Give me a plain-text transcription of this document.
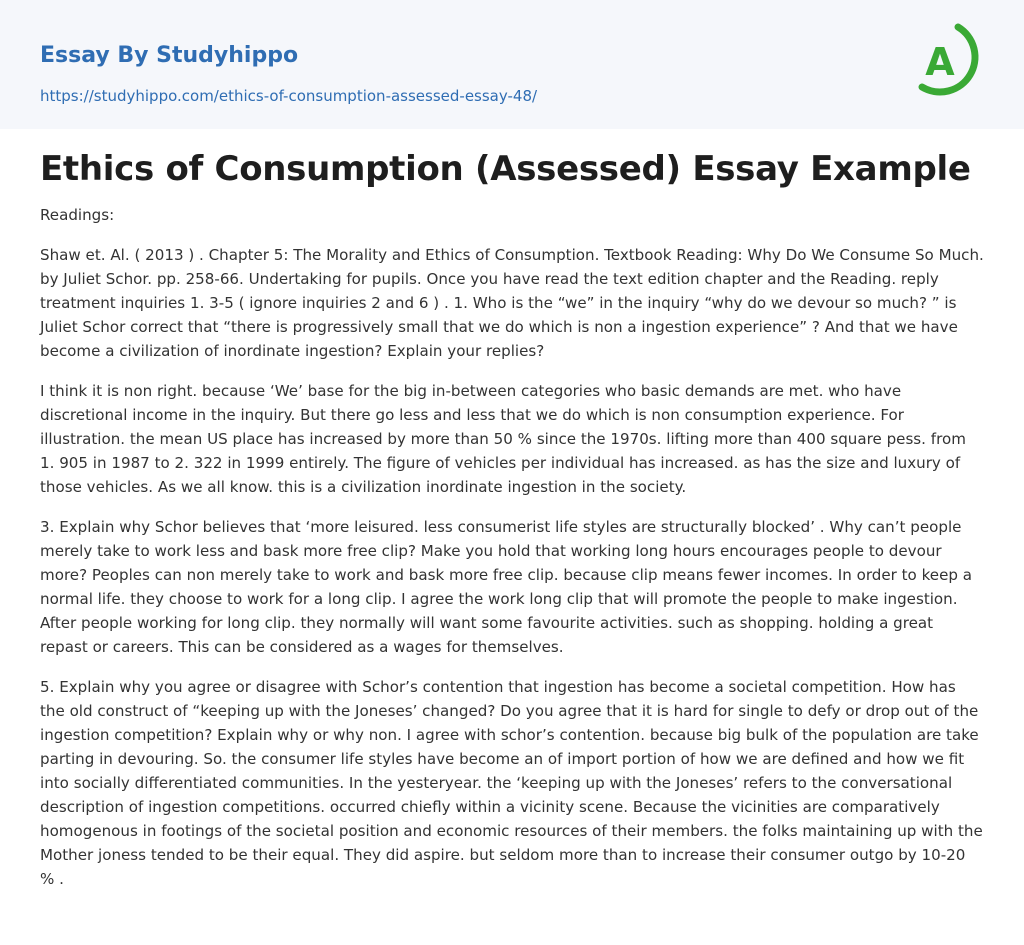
Essay By Studyhippo
https://studyhippo.com/ethics-of-consumption-assessed-essay-48/
A
Ethics of Consumption (Assessed) Essay Example

Readings:

Shaw et. Al. ( 2013 ) . Chapter 5: The Morality and Ethics of Consumption. Textbook Reading: Why Do We Consume So Much. by Juliet Schor. pp. 258-66. Undertaking for pupils. Once you have read the text edition chapter and the Reading. reply treatment inquiries 1. 3-5 ( ignore inquiries 2 and 6 ) . 1. Who is the “we” in the inquiry “why do we devour so much? ” is Juliet Schor correct that “there is progressively small that we do which is non a ingestion experience” ? And that we have become a civilization of inordinate ingestion? Explain your replies?

I think it is non right. because ‘We’ base for the big in-between categories who basic demands are met. who have discretional income in the inquiry. But there go less and less that we do which is non consumption experience. For illustration. the mean US place has increased by more than 50 % since the 1970s. lifting more than 400 square pess. from 1. 905 in 1987 to 2. 322 in 1999 entirely. The figure of vehicles per individual has increased. as has the size and luxury of those vehicles. As we all know. this is a civilization inordinate ingestion in the society.

3. Explain why Schor believes that ‘more leisured. less consumerist life styles are structurally blocked’ . Why can’t people merely take to work less and bask more free clip? Make you hold that working long hours encourages people to devour more? Peoples can non merely take to work and bask more free clip. because clip means fewer incomes. In order to keep a normal life. they choose to work for a long clip. I agree the work long clip that will promote the people to make ingestion. After people working for long clip. they normally will want some favourite activities. such as shopping. holding a great repast or careers. This can be considered as a wages for themselves.

5. Explain why you agree or disagree with Schor’s contention that ingestion has become a societal competition. How has the old construct of “keeping up with the Joneses’ changed? Do you agree that it is hard for single to defy or drop out of the ingestion competition? Explain why or why non. I agree with schor’s contention. because big bulk of the population are take parting in devouring. So. the consumer life styles have become an of import portion of how we are defined and how we fit into socially differentiated communities. In the yesteryear. the ‘keeping up with the Joneses’ refers to the conversational description of ingestion competitions. occurred chiefly within a vicinity scene. Because the vicinities are comparatively homogenous in footings of the societal position and economic resources of their members. the folks maintaining up with the Mother joness tended to be their equal. They did aspire. but seldom more than to increase their consumer outgo by 10-20 % .
